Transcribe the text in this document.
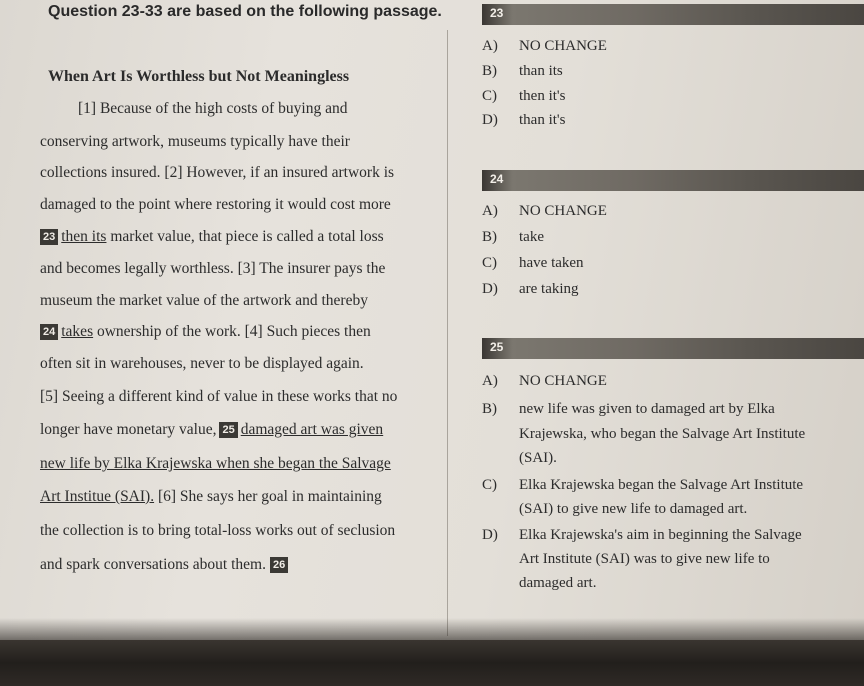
Question 23-33 are based on the following passage.
When Art Is Worthless but Not Meaningless
[1] Because of the high costs of buying and
conserving artwork, museums typically have their
collections insured. [2] However, if an insured artwork is
damaged to the point where restoring it would cost more
23 then its market value, that piece is called a total loss
and becomes legally worthless. [3] The insurer pays the
museum the market value of the artwork and thereby
24 takes ownership of the work. [4] Such pieces then
often sit in warehouses, never to be displayed again.
[5] Seeing a different kind of value in these works that no
longer have monetary value, 25 damaged art was given
new life by Elka Krajewska when she began the Salvage
Art Institue (SAI). [6] She says her goal in maintaining
the collection is to bring total-loss works out of seclusion
and spark conversations about them. 26
23
A) NO CHANGE
B) than its
C) then it's
D) than it's
24
A) NO CHANGE
B) take
C) have taken
D) are taking
25
A) NO CHANGE
B) new life was given to damaged art by Elka
Krajewska, who began the Salvage Art Institute
(SAI).
C) Elka Krajewska began the Salvage Art Institute
(SAI) to give new life to damaged art.
D) Elka Krajewska's aim in beginning the Salvage
Art Institute (SAI) was to give new life to
damaged art.
